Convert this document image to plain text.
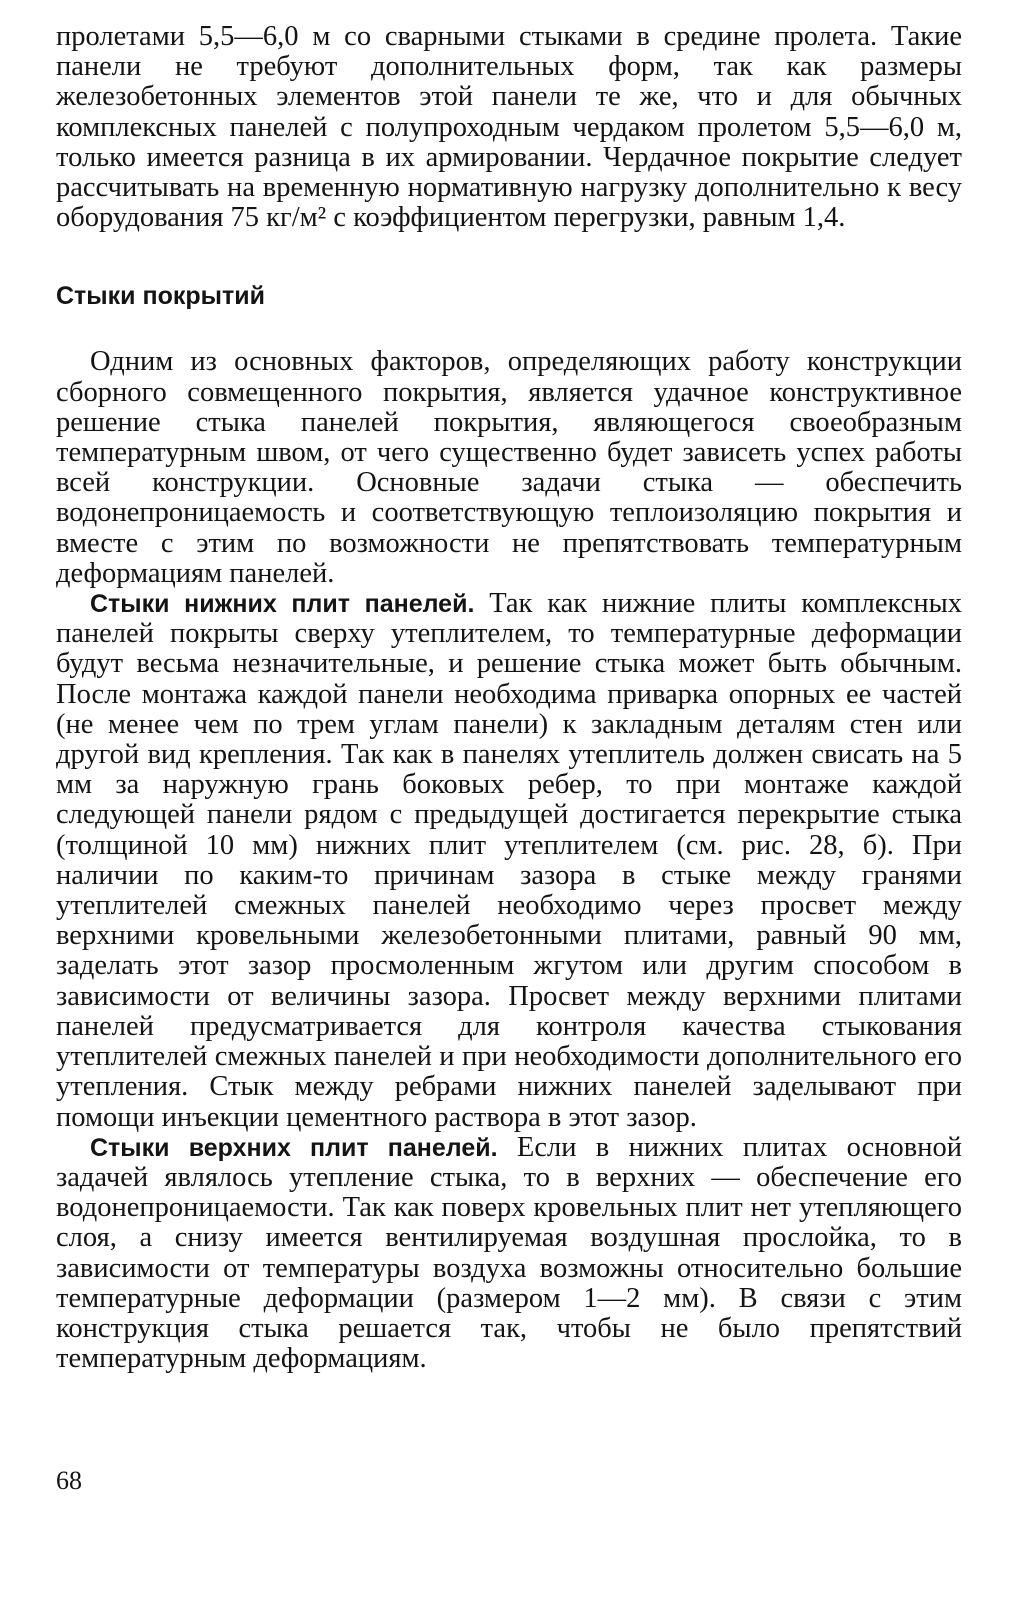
пролетами 5,5—6,0 м со сварными стыками в средине пролета. Такие панели не требуют дополнительных форм, так как размеры железобетонных элементов этой панели те же, что и для обычных комплексных панелей с полупроходным чердаком пролетом 5,5—6,0 м, только имеется разница в их армировании. Чердачное покрытие следует рассчитывать на временную нормативную нагрузку дополнительно к весу оборудования 75 кг/м² с коэффициентом перегрузки, равным 1,4.

Стыки покрытий

Одним из основных факторов, определяющих работу конструкции сборного совмещенного покрытия, является удачное конструктивное решение стыка панелей покрытия, являющегося своеобразным температурным швом, от чего существенно будет зависеть успех работы всей конструкции. Основные задачи стыка — обеспечить водонепроницаемость и соответствующую теплоизоляцию покрытия и вместе с этим по возможности не препятствовать температурным деформациям панелей.

Стыки нижних плит панелей. Так как нижние плиты комплексных панелей покрыты сверху утеплителем, то температурные деформации будут весьма незначительные, и решение стыка может быть обычным. После монтажа каждой панели необходима приварка опорных ее частей (не менее чем по трем углам панели) к закладным деталям стен или другой вид крепления. Так как в панелях утеплитель должен свисать на 5 мм за наружную грань боковых ребер, то при монтаже каждой следующей панели рядом с предыдущей достигается перекрытие стыка (толщиной 10 мм) нижних плит утеплителем (см. рис. 28, б). При наличии по каким-то причинам зазора в стыке между гранями утеплителей смежных панелей необходимо через просвет между верхними кровельными железобетонными плитами, равный 90 мм, заделать этот зазор просмоленным жгутом или другим способом в зависимости от величины зазора. Просвет между верхними плитами панелей предусматривается для контроля качества стыкования утеплителей смежных панелей и при необходимости дополнительного его утепления. Стык между ребрами нижних панелей заделывают при помощи инъекции цементного раствора в этот зазор.

Стыки верхних плит панелей. Если в нижних плитах основной задачей являлось утепление стыка, то в верхних — обеспечение его водонепроницаемости. Так как поверх кровельных плит нет утепляющего слоя, а снизу имеется вентилируемая воздушная прослойка, то в зависимости от температуры воздуха возможны относительно большие температурные деформации (размером 1—2 мм). В связи с этим конструкция стыка решается так, чтобы не было препятствий температурным деформациям.

68
